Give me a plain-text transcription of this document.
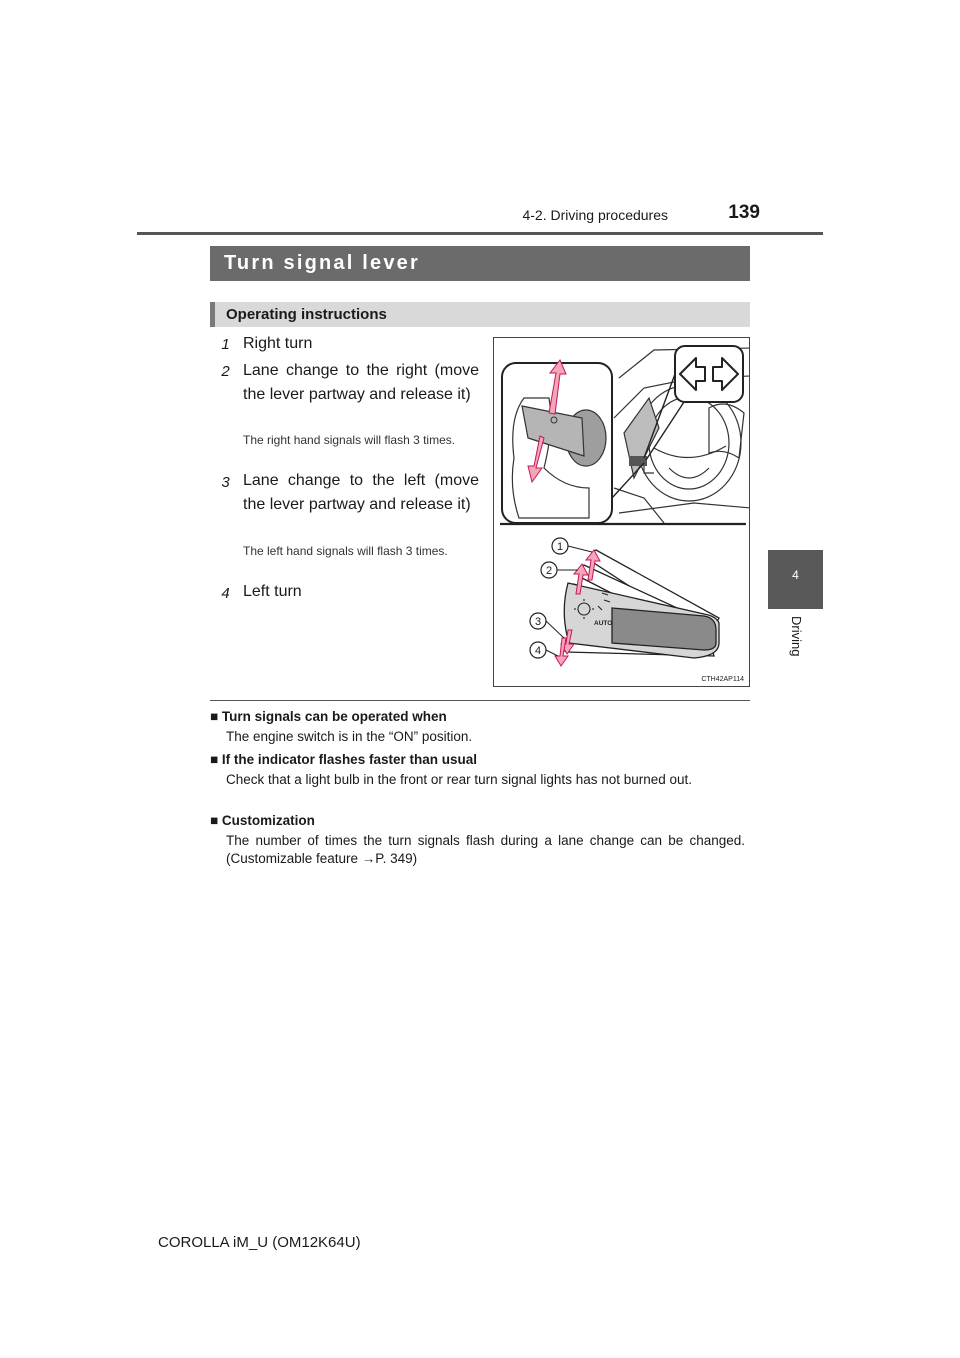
4-2. Driving procedures	139
4
Driving
Turn signal lever
Operating instructions
1 Right turn
2 Lane change to the right (move the lever partway and release it)
The right hand signals will flash 3 times.
3 Lane change to the left (move the lever partway and release it)
The left hand signals will flash 3 times.
4 Left turn
AUTO
1
2
3
4
CTH42AP114
■ Turn signals can be operated when
The engine switch is in the “ON” position.
■ If the indicator flashes faster than usual
Check that a light bulb in the front or rear turn signal lights has not burned out.
■ Customization
The number of times the turn signals flash during a lane change can be changed. (Customizable feature →P. 349)
COROLLA iM_U (OM12K64U)
